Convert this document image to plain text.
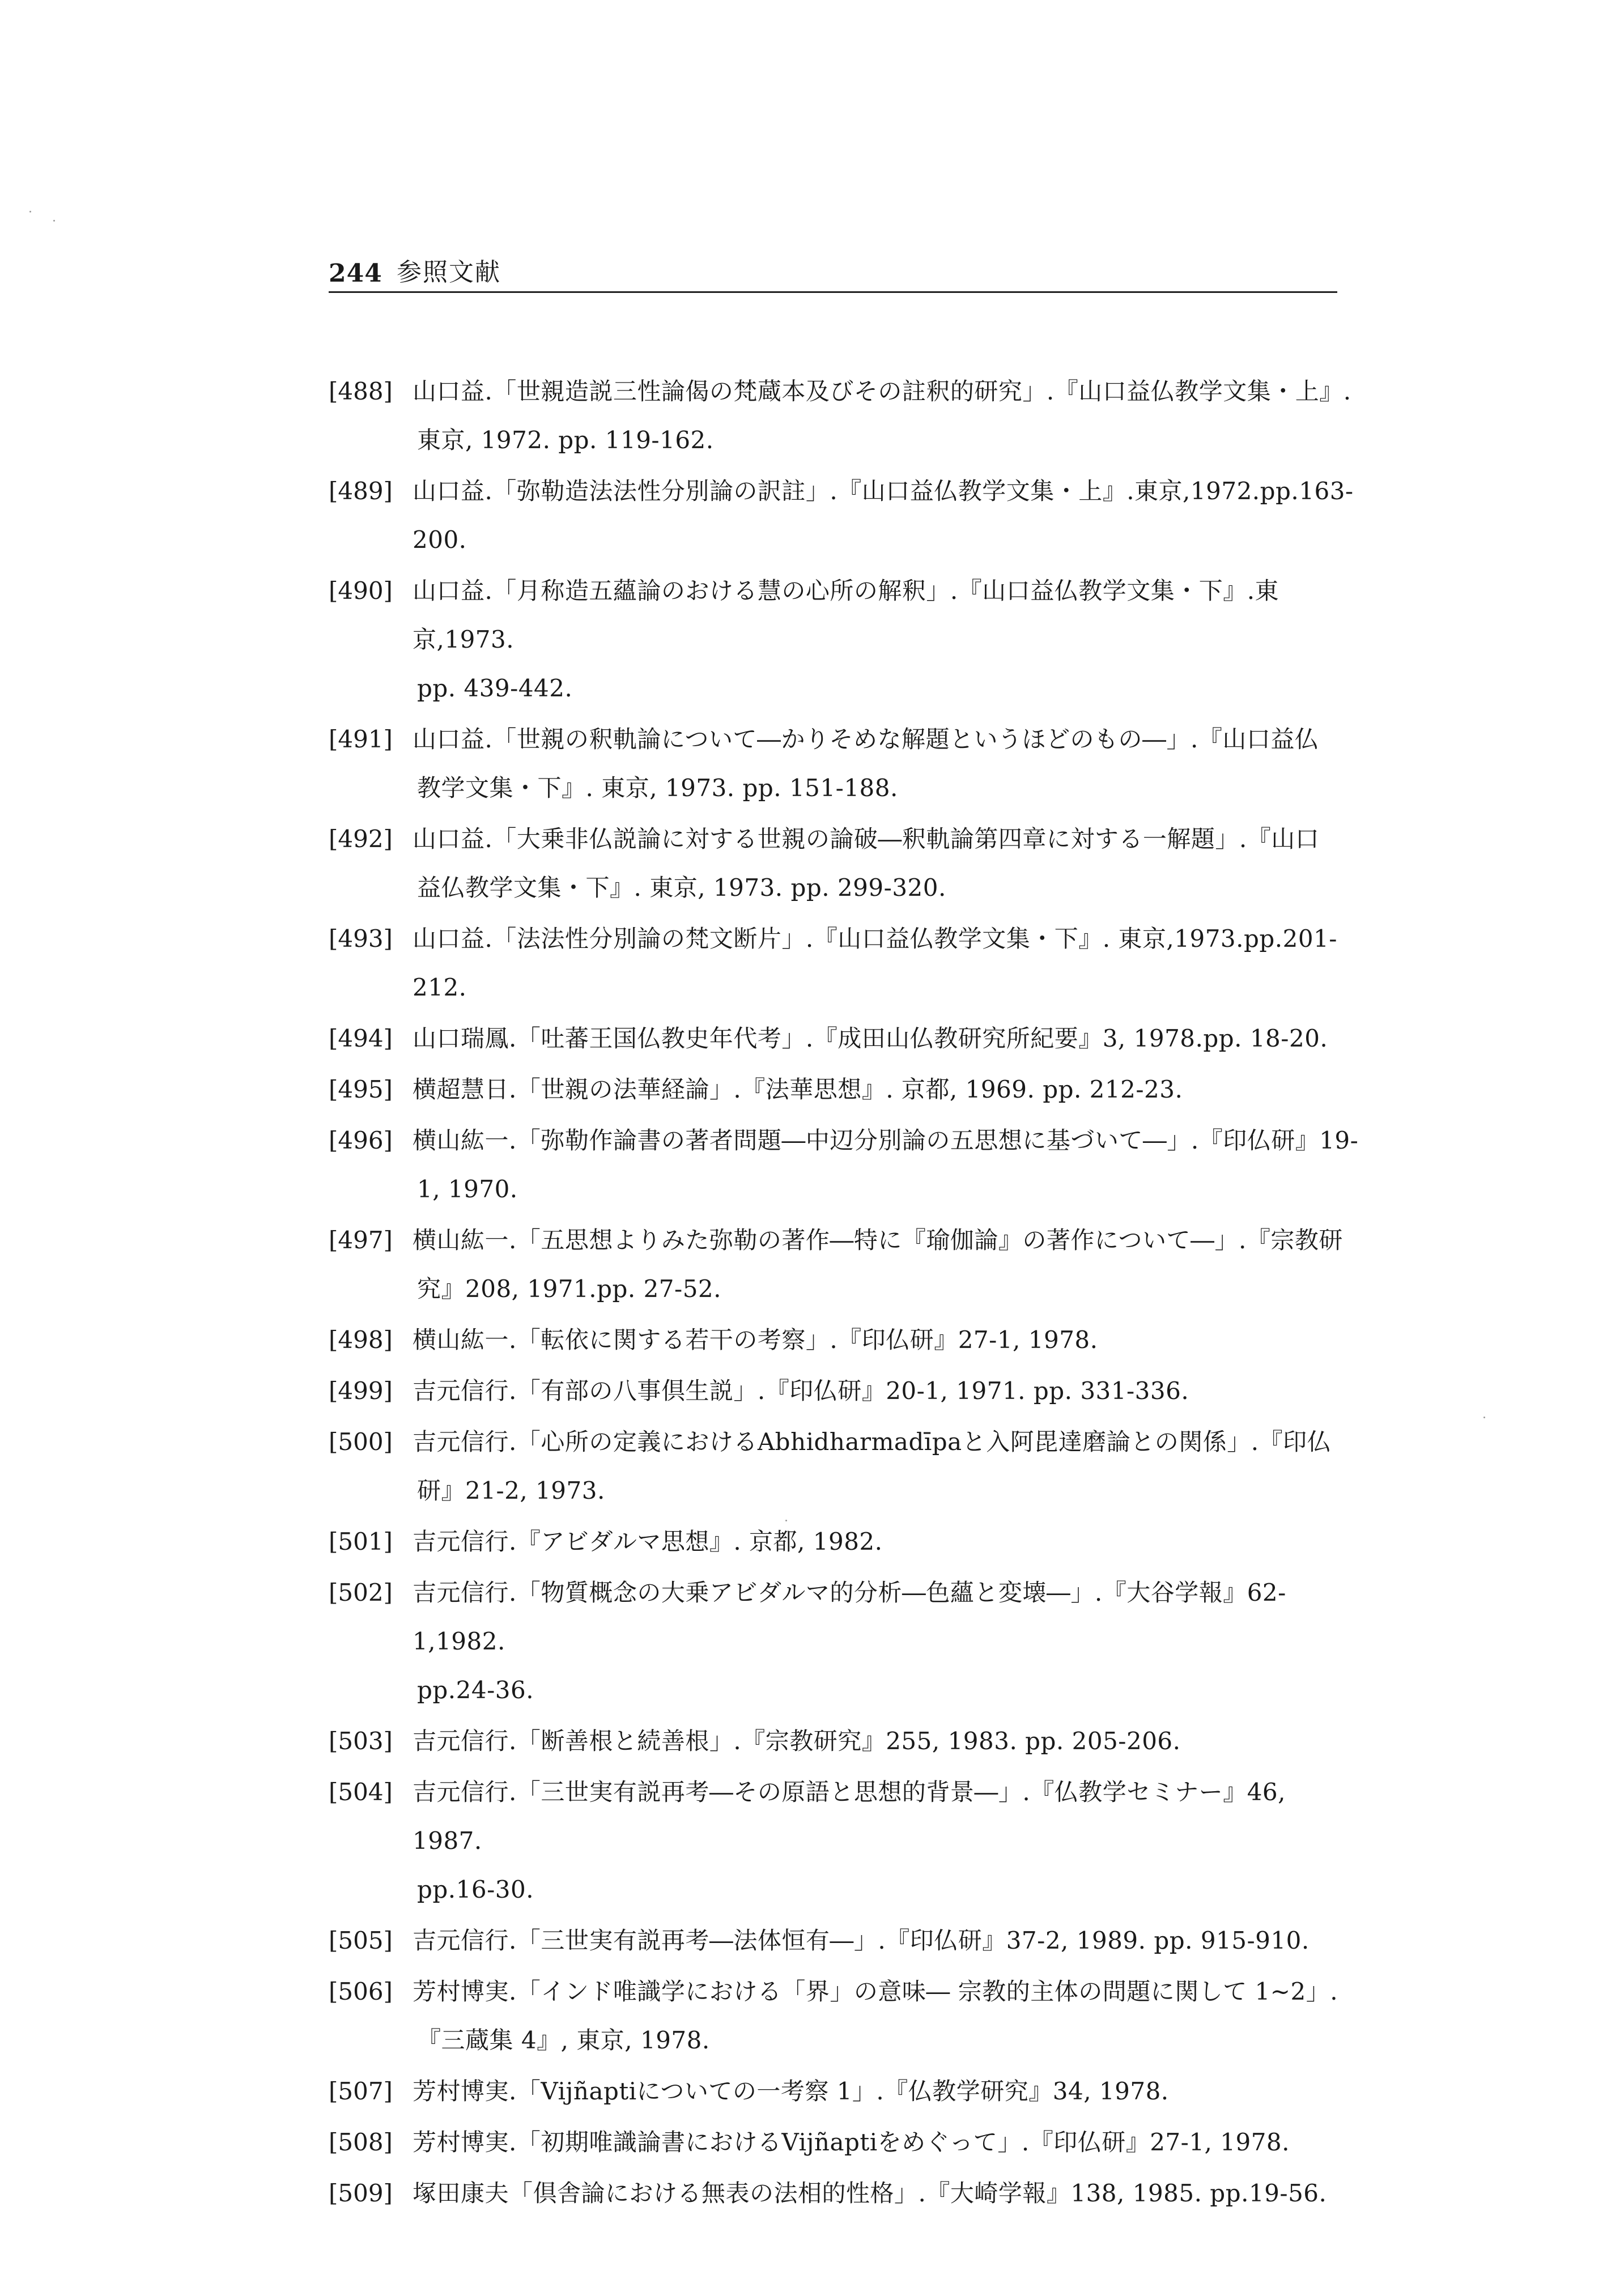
244 参照文献
[488] 山口益.「世親造説三性論偈の梵蔵本及びその註釈的研究」.『山口益仏教学文集・上』.
東京, 1972. pp. 119-162.
[489] 山口益.「弥勒造法法性分別論の訳註」.『山口益仏教学文集・上』.東京,1972.pp.163-200.
[490] 山口益.「月称造五蘊論のおける慧の心所の解釈」.『山口益仏教学文集・下』.東京,1973.
pp. 439-442.
[491] 山口益.「世親の釈軌論について―かりそめな解題というほどのもの―」.『山口益仏
教学文集・下』. 東京, 1973. pp. 151-188.
[492] 山口益.「大乗非仏説論に対する世親の論破―釈軌論第四章に対する一解題」.『山口
益仏教学文集・下』. 東京, 1973. pp. 299-320.
[493] 山口益.「法法性分別論の梵文断片」.『山口益仏教学文集・下』. 東京,1973.pp.201-212.
[494] 山口瑞鳳.「吐蕃王国仏教史年代考」.『成田山仏教研究所紀要』3, 1978.pp. 18-20.
[495] 横超慧日.「世親の法華経論」.『法華思想』. 京都, 1969. pp. 212-23.
[496] 横山紘一.「弥勒作論書の著者問題―中辺分別論の五思想に基づいて―」.『印仏研』19-
1, 1970.
[497] 横山紘一.「五思想よりみた弥勒の著作―特に『瑜伽論』の著作について―」.『宗教研
究』208, 1971.pp. 27-52.
[498] 横山紘一.「転依に関する若干の考察」.『印仏研』27-1, 1978.
[499] 吉元信行.「有部の八事倶生説」.『印仏研』20-1, 1971. pp. 331-336.
[500] 吉元信行.「心所の定義におけるAbhidharmadīpaと入阿毘達磨論との関係」.『印仏
研』21-2, 1973.
[501] 吉元信行.『アビダルマ思想』. 京都, 1982.
[502] 吉元信行.「物質概念の大乗アビダルマ的分析―色蘊と変壊―」.『大谷学報』62-1,1982.
pp.24-36.
[503] 吉元信行.「断善根と続善根」.『宗教研究』255, 1983. pp. 205-206.
[504] 吉元信行.「三世実有説再考―その原語と思想的背景―」.『仏教学セミナー』46, 1987.
pp.16-30.
[505] 吉元信行.「三世実有説再考―法体恒有―」.『印仏研』37-2, 1989. pp. 915-910.
[506] 芳村博実.「インド唯識学における「界」の意味― 宗教的主体の問題に関して 1~2」.
『三蔵集 4』, 東京, 1978.
[507] 芳村博実.「Vijñaptiについての一考察 1」.『仏教学研究』34, 1978.
[508] 芳村博実.「初期唯識論書におけるVijñaptiをめぐって」.『印仏研』27-1, 1978.
[509] 塚田康夫「倶舎論における無表の法相的性格」.『大崎学報』138, 1985. pp.19-56.
